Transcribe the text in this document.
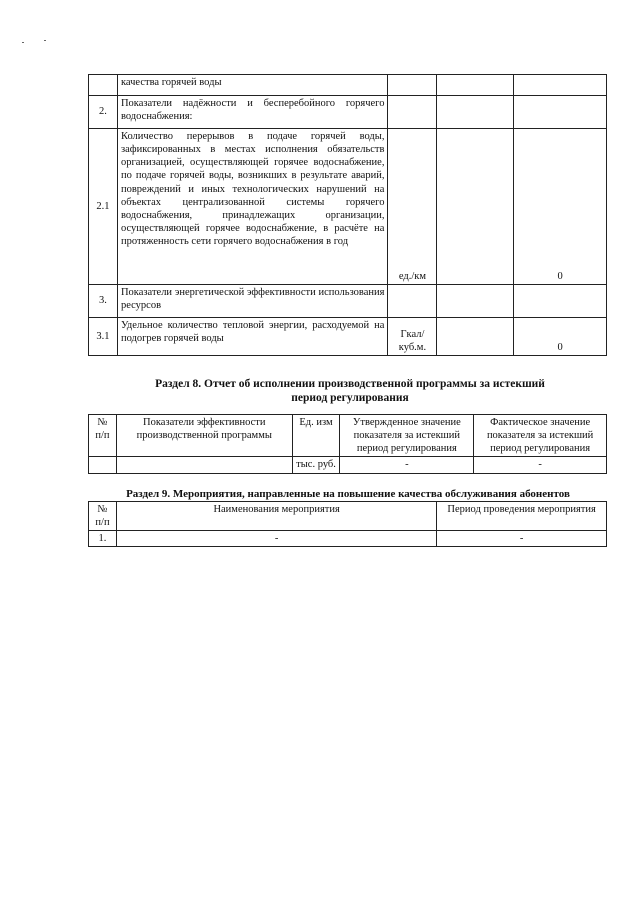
	качества горячей воды			
2.	Показатели надёжности и бесперебойного горячего водоснабжения:			
2.1	Количество перерывов в подаче горячей воды, зафиксированных в местах исполнения обязательств организацией, осуществляющей горячее водоснабжение, по подаче горячей воды, возникших в результате аварий, повреждений и иных технологических нарушений на объектах централизованной системы горячего водоснабжения, принадлежащих организации, осуществляющей горячее водоснабжение, в расчёте на протяженность сети горячего водоснабжения в год	ед./км		0
3.	Показатели энергетической эффективности использования ресурсов			
3.1	Удельное количество тепловой энергии, расходуемой на подогрев горячей воды	Гкал/ куб.м.		0
Раздел 8. Отчет об исполнении производственной программы за истекший период регулирования
№ п/п	Показатели эффективности производственной программы	Ед. изм	Утвержденное значение показателя за истекший период регулирования	Фактическое значение показателя за истекший период регулирования
		тыс. руб.	-	-
Раздел 9. Мероприятия, направленные на повышение качества обслуживания абонентов
№ п/п	Наименования мероприятия	Период проведения мероприятия
1.	-	-
